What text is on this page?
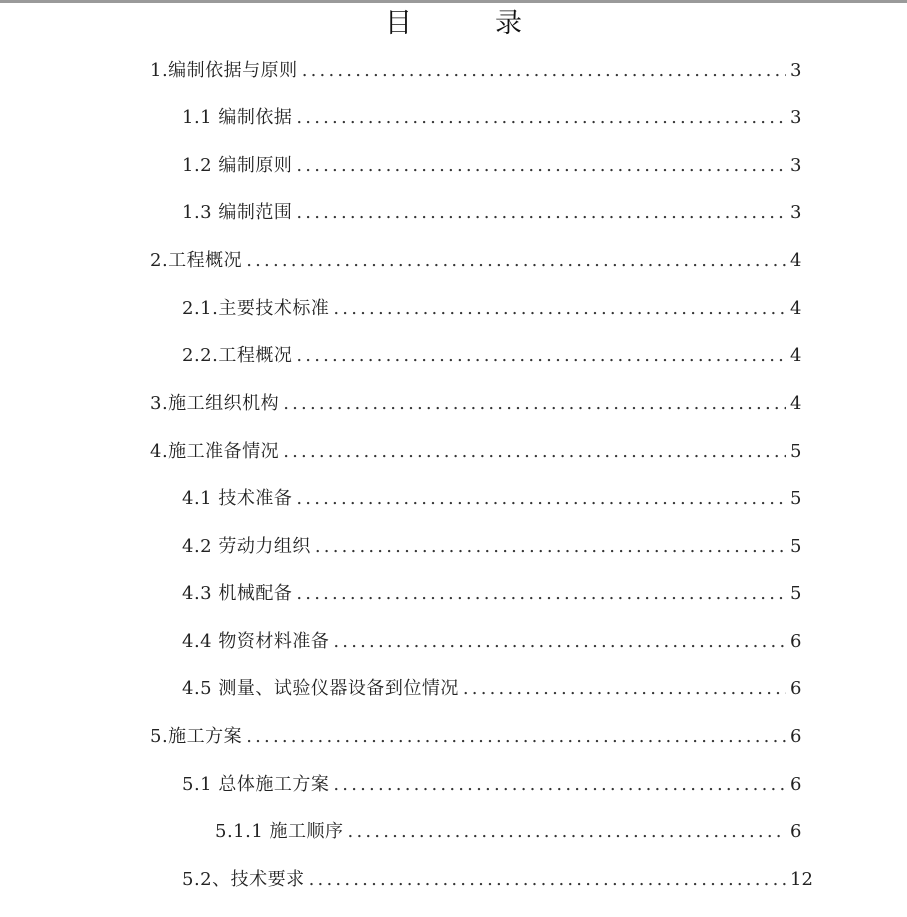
目　录
1.编制依据与原则 .....	3
1.1 编制依据 .....	3
1.2 编制原则 .....	3
1.3 编制范围 .....	3
2.工程概况 .....	4
2.1.主要技术标准 .....	4
2.2.工程概况 .....	4
3.施工组织机构 .....	4
4.施工准备情况 .....	5
4.1 技术准备 .....	5
4.2 劳动力组织 .....	5
4.3 机械配备 .....	5
4.4 物资材料准备 .....	6
4.5 测量、试验仪器设备到位情况 .....	6
5.施工方案 .....	6
5.1 总体施工方案 .....	6
5.1.1 施工顺序 .....	6
5.2、技术要求 .....	12
